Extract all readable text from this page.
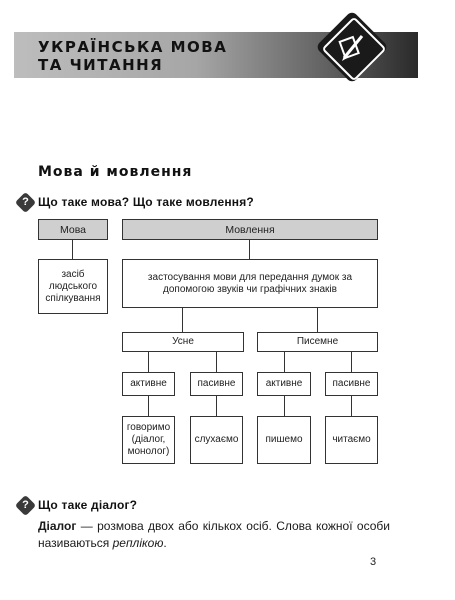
УКРАЇНСЬКА МОВА
ТА ЧИТАННЯ
Мова й мовлення
? Що таке мова? Що таке мовлення?
Мова
засіб людського спілкування
Мовлення
застосування мови для передання думок за допомогою звуків чи графічних знаків
Усне	Писемне
активне	пасивне	активне	пасивне
говоримо (діалог, монолог)
слухаємо	пишемо	читаємо
? Що таке діалог?
Діалог — розмова двох або кількох осіб. Слова кожної особи називаються реплікою.
3
